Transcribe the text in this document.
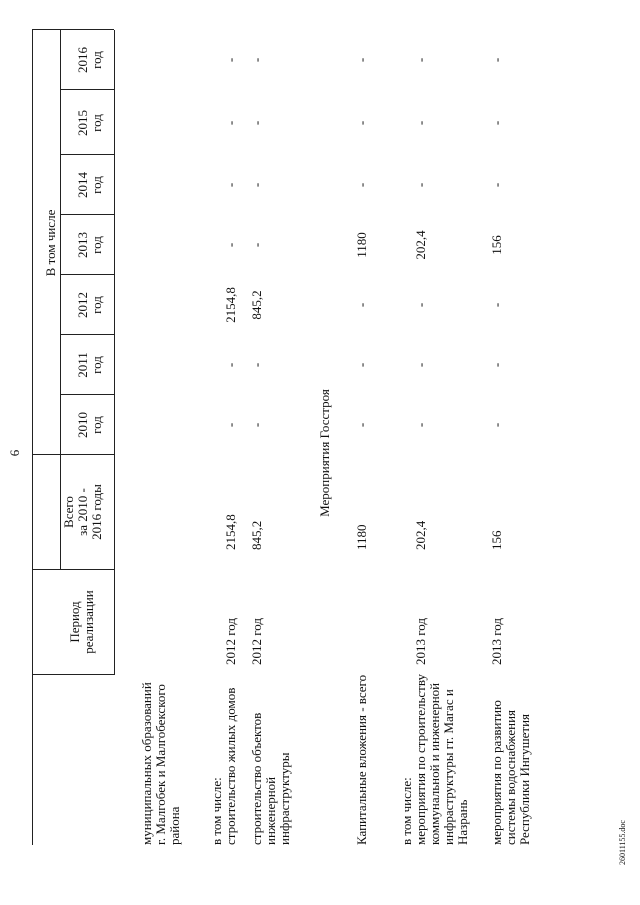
6
Период реализации
Всего за 2010 - 2016 годы
В том числе
2010 год
2011 год
2012 год
2013 год
2014 год
2015 год
2016 год
муниципальных образований г. Малгобек и Малгобекского района в том числе: строительство жилых домов
2012 год
2154,8
-
-
2154,8
-
-
-
-
строительство объектов инженерной инфраструктуры
2012 год
845,2
-
-
845,2
-
-
-
-
Мероприятия Госстроя
Капитальные вложения - всего
1180
-
-
-
1180
-
-
-
в том числе: мероприятия по строительству коммунальной и инженерной инфраструктуры гг. Магас и Назрань
2013 год
202,4
-
-
-
202,4
-
-
-
мероприятия по развитию системы водоснабжения Республики Ингушетия
2013 год
156
-
-
-
156
-
-
-
26011155.doc
